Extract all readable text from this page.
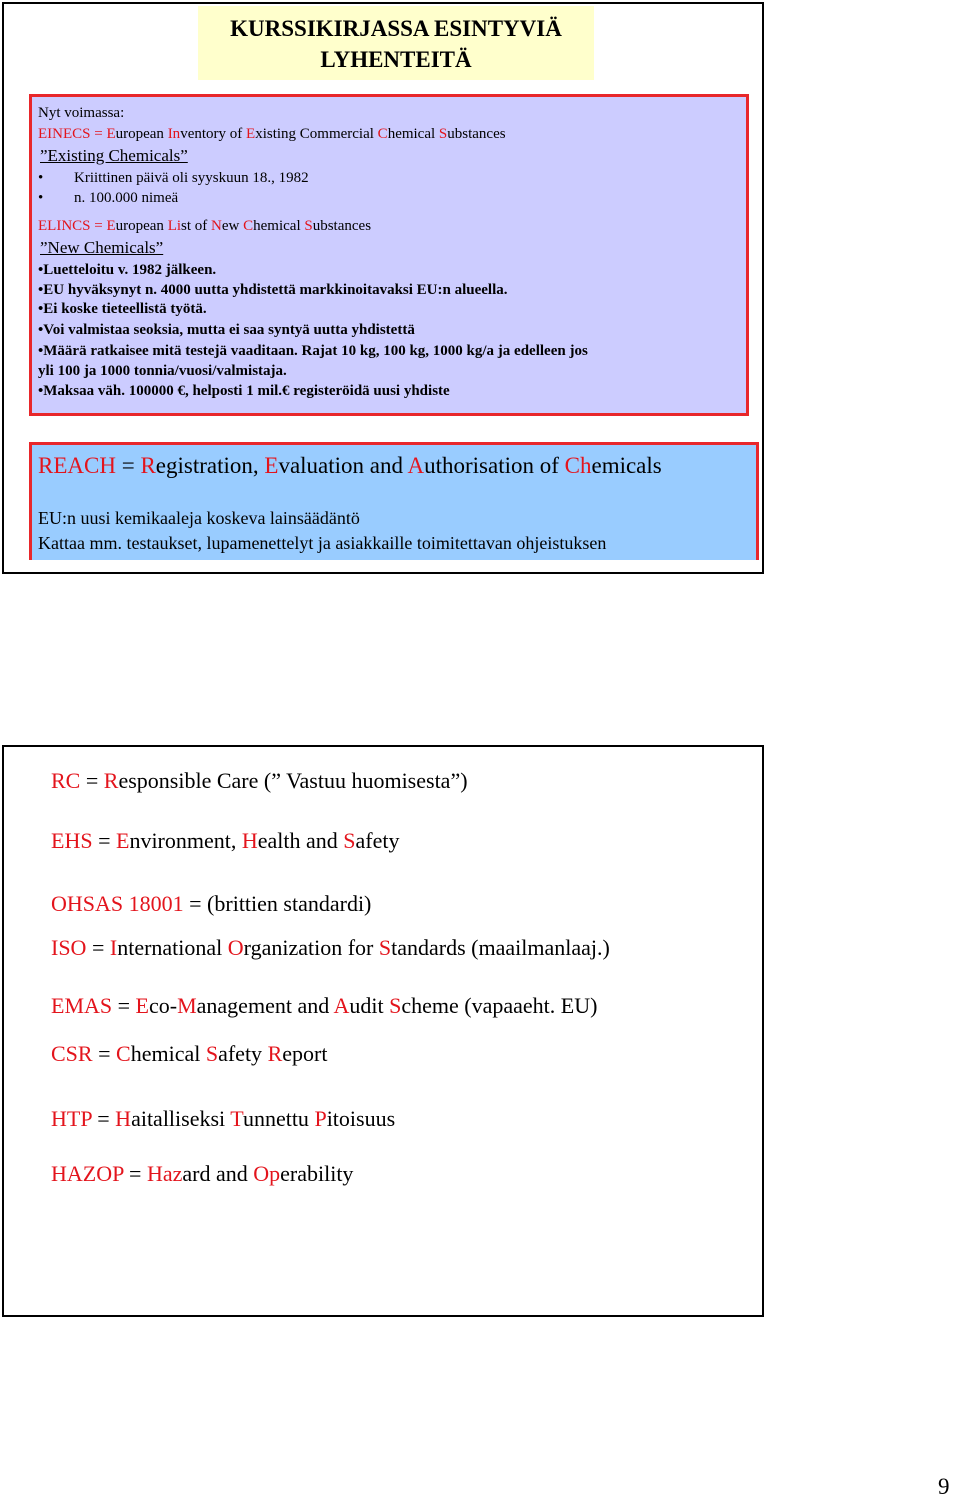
KURSSIKIRJASSA ESINTYVIÄ
LYHENTEITÄ
Nyt voimassa:
EINECS = European Inventory of Existing Commercial Chemical Substances
”Existing Chemicals”
• Kriittinen päivä oli syyskuun 18., 1982
• n. 100.000 nimeä
ELINCS = European List of New Chemical Substances
”New Chemicals”
•Luetteloitu v. 1982 jälkeen.
•EU hyväksynyt n. 4000 uutta yhdistettä markkinoitavaksi EU:n alueella.
•Ei koske tieteellistä työtä.
•Voi valmistaa seoksia, mutta ei saa syntyä uutta yhdistettä
•Määrä ratkaisee mitä testejä vaaditaan. Rajat 10 kg, 100 kg, 1000 kg/a ja edelleen jos
yli 100 ja 1000 tonnia/vuosi/valmistaja.
•Maksaa väh. 100000 €, helposti 1 mil.€ registeröidä uusi yhdiste
REACH = Registration, Evaluation and Authorisation of Chemicals
EU:n uusi kemikaaleja koskeva lainsäädäntö
Kattaa mm. testaukset, lupamenettelyt ja asiakkaille toimitettavan ohjeistuksen
RC = Responsible Care (” Vastuu huomisesta”)
EHS = Environment, Health and Safety
OHSAS 18001 = (brittien standardi)
ISO = International Organization for Standards (maailmanlaaj.)
EMAS = Eco-Management and Audit Scheme (vapaaeht. EU)
CSR = Chemical Safety Report
HTP = Haitalliseksi Tunnettu Pitoisuus
HAZOP = Hazard and Operability
9
